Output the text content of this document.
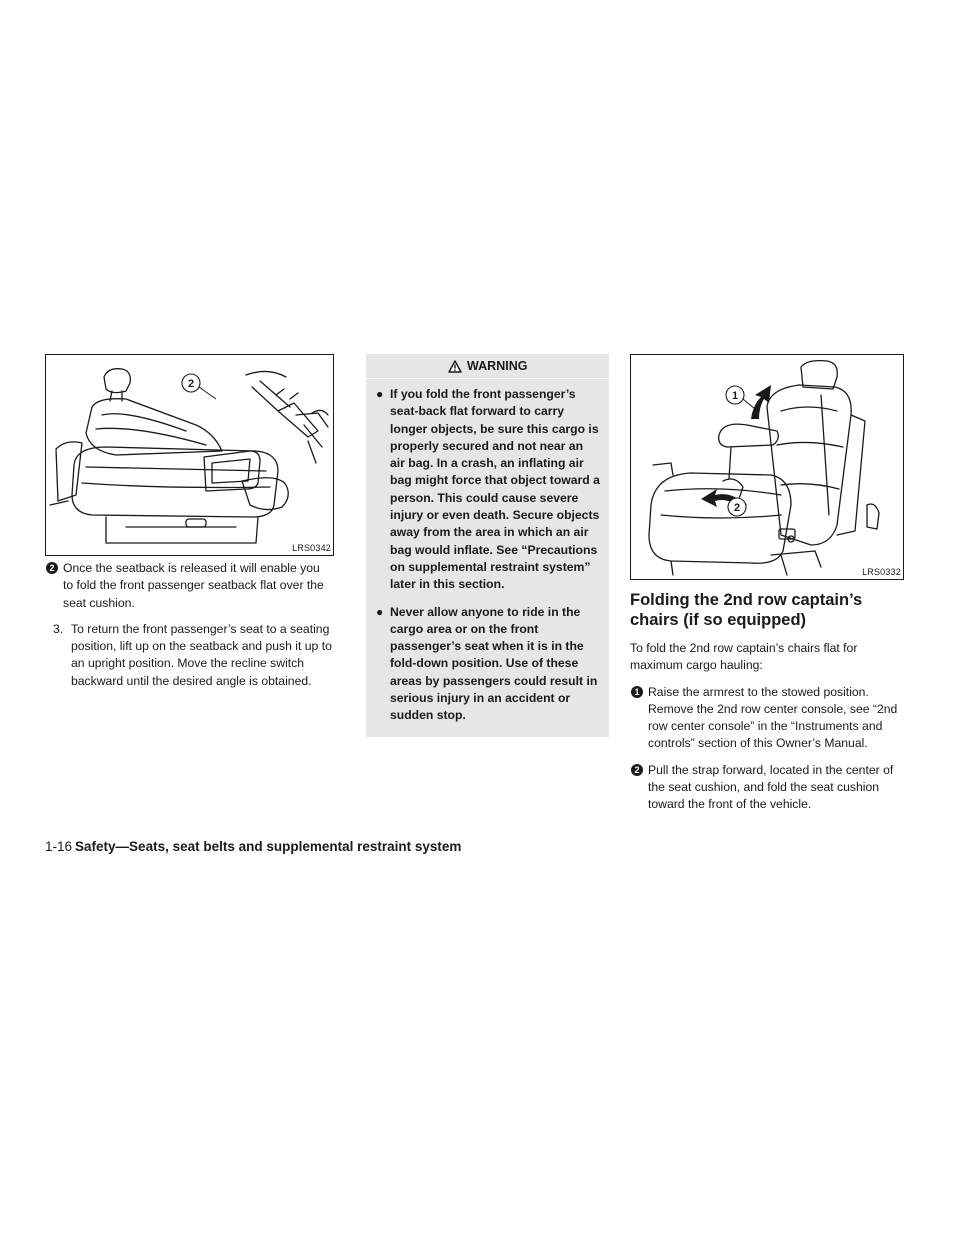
2
LRS0342

2 Once the seatback is released it will enable you to fold the front passenger seatback flat over the seat cushion.

3. To return the front passenger’s seat to a seating position, lift up on the seatback and push it up to an upright position. Move the recline switch backward until the desired angle is obtained.

WARNING
● If you fold the front passenger’s seat-back flat forward to carry longer objects, be sure this cargo is properly secured and not near an air bag. In a crash, an inflating air bag might force that object toward a person. This could cause severe injury or even death. Secure objects away from the area in which an air bag would inflate. See “Precautions on supplemental restraint system” later in this section.
● Never allow anyone to ride in the cargo area or on the front passenger’s seat when it is in the fold-down position. Use of these areas by passengers could result in serious injury in an accident or sudden stop.
1
2
LRS0332
Folding the 2nd row captain’s chairs (if so equipped)

To fold the 2nd row captain’s chairs flat for maximum cargo hauling:

1 Raise the armrest to the stowed position. Remove the 2nd row center console, see “2nd row center console” in the “Instruments and controls” section of this Owner’s Manual.

2 Pull the strap forward, located in the center of the seat cushion, and fold the seat cushion toward the front of the vehicle.

1-16 Safety—Seats, seat belts and supplemental restraint system
